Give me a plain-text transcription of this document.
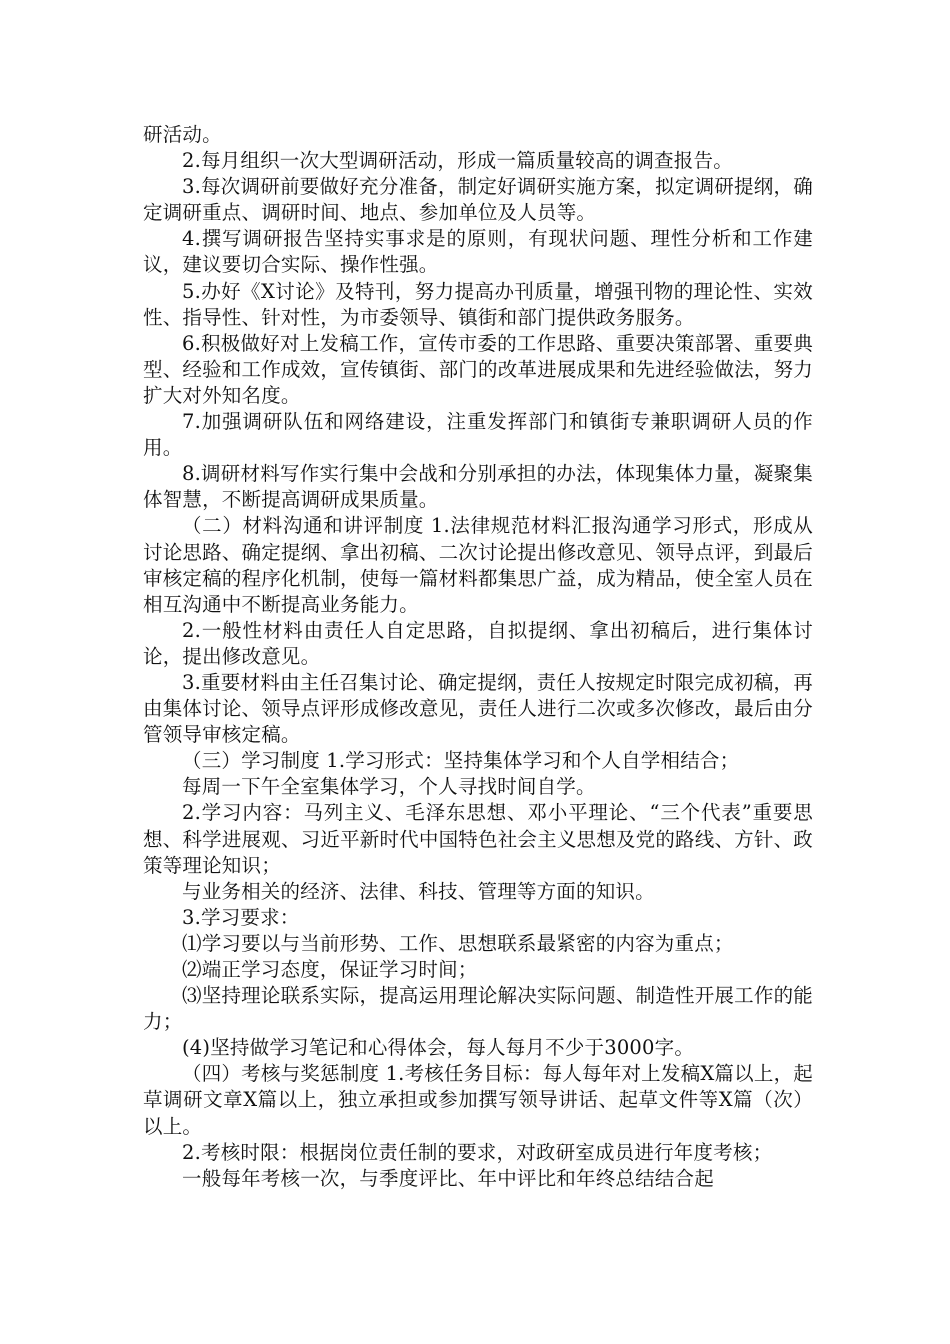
研活动。

2.每月组织一次大型调研活动，形成一篇质量较高的调查报告。

3.每次调研前要做好充分准备，制定好调研实施方案，拟定调研提纲，确定调研重点、调研时间、地点、参加单位及人员等。

4.撰写调研报告坚持实事求是的原则，有现状问题、理性分析和工作建议，建议要切合实际、操作性强。

5.办好《X讨论》及特刊，努力提高办刊质量，增强刊物的理论性、实效性、指导性、针对性，为市委领导、镇街和部门提供政务服务。

6.积极做好对上发稿工作，宣传市委的工作思路、重要决策部署、重要典型、经验和工作成效，宣传镇街、部门的改革进展成果和先进经验做法，努力扩大对外知名度。

7.加强调研队伍和网络建设，注重发挥部门和镇街专兼职调研人员的作用。

8.调研材料写作实行集中会战和分别承担的办法，体现集体力量，凝聚集体智慧，不断提高调研成果质量。

（二）材料沟通和讲评制度 1.法律规范材料汇报沟通学习形式，形成从讨论思路、确定提纲、拿出初稿、二次讨论提出修改意见、领导点评，到最后审核定稿的程序化机制，使每一篇材料都集思广益，成为精品，使全室人员在相互沟通中不断提高业务能力。

2.一般性材料由责任人自定思路，自拟提纲、拿出初稿后，进行集体讨论，提出修改意见。

3.重要材料由主任召集讨论、确定提纲，责任人按规定时限完成初稿，再由集体讨论、领导点评形成修改意见，责任人进行二次或多次修改，最后由分管领导审核定稿。

（三）学习制度 1.学习形式：坚持集体学习和个人自学相结合；

每周一下午全室集体学习，个人寻找时间自学。

2.学习内容：马列主义、毛泽东思想、邓小平理论、“三个代表”重要思想、科学进展观、习近平新时代中国特色社会主义思想及党的路线、方针、政策等理论知识；

与业务相关的经济、法律、科技、管理等方面的知识。

3.学习要求：

⑴学习要以与当前形势、工作、思想联系最紧密的内容为重点；

⑵端正学习态度，保证学习时间；

⑶坚持理论联系实际，提高运用理论解决实际问题、制造性开展工作的能力；

(4)坚持做学习笔记和心得体会，每人每月不少于3000字。

（四）考核与奖惩制度 1.考核任务目标：每人每年对上发稿X篇以上，起草调研文章X篇以上，独立承担或参加撰写领导讲话、起草文件等X篇（次）以上。

2.考核时限：根据岗位责任制的要求，对政研室成员进行年度考核；

一般每年考核一次，与季度评比、年中评比和年终总结结合起
